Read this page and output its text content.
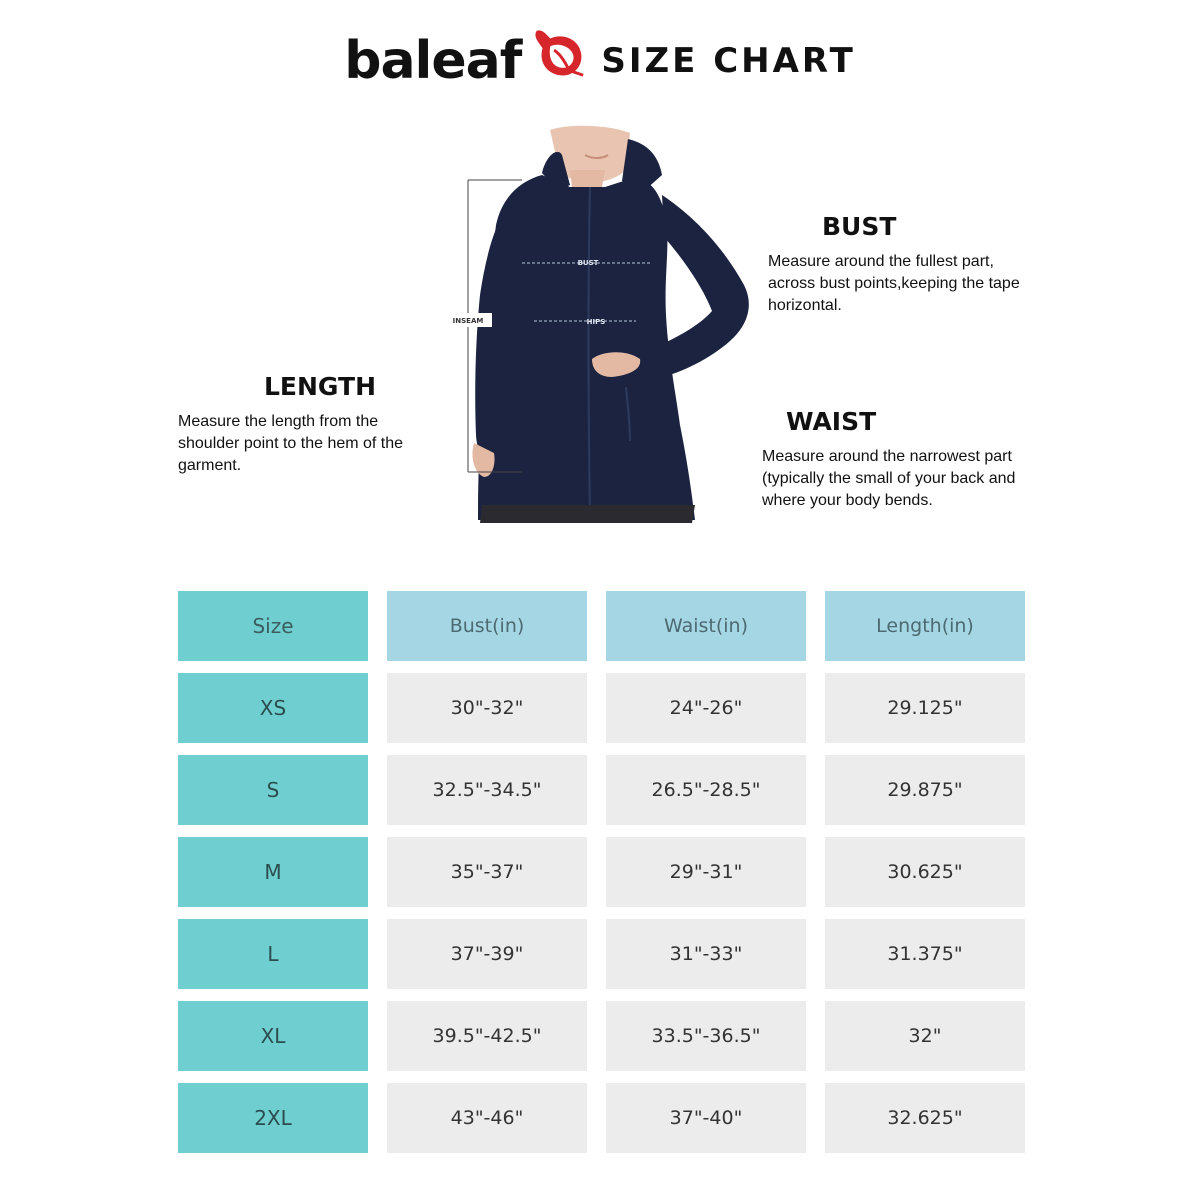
baleaf SIZE CHART
INSEAM
BUST
HIPS
BUST

Measure around the fullest part, across bust points,keeping the tape horizontal.

LENGTH

Measure the length from the shoulder point to the hem of the garment.

WAIST

Measure around the narrowest part (typically the small of your back and where your body bends.

Size	Bust(in)	Waist(in)	Length(in)
XS	30"-32"	24"-26"	29.125"
S	32.5"-34.5"	26.5"-28.5"	29.875"
M	35"-37"	29"-31"	30.625"
L	37"-39"	31"-33"	31.375"
XL	39.5"-42.5"	33.5"-36.5"	32"
2XL	43"-46"	37"-40"	32.625"
